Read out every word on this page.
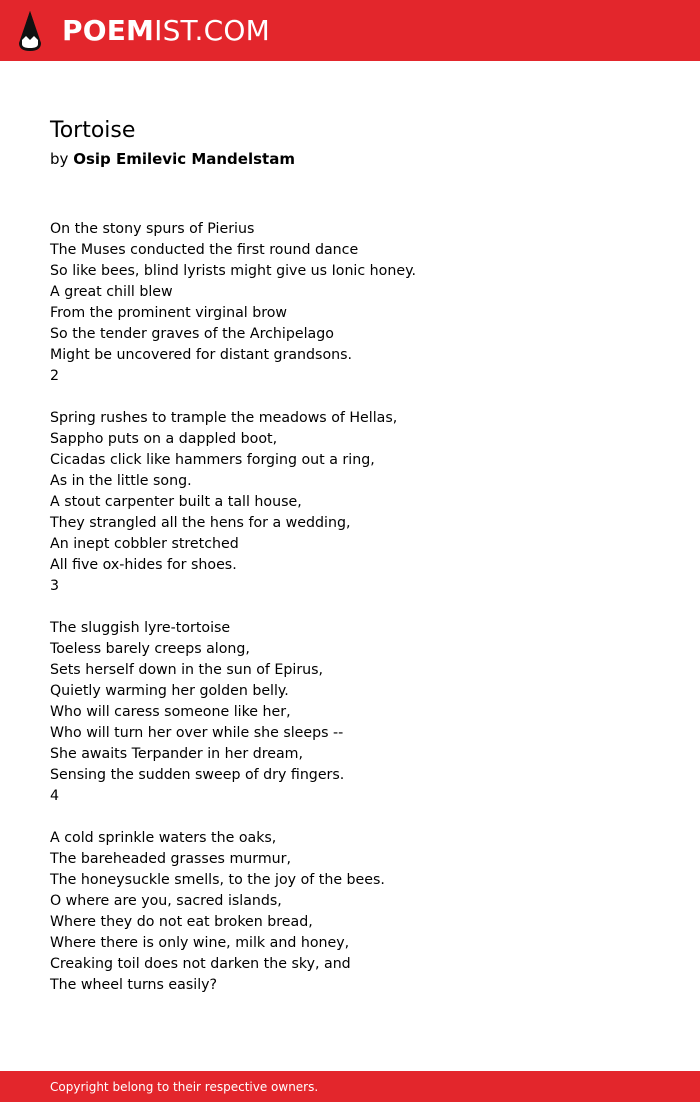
POEMIST.COM
Tortoise
by Osip Emilevic Mandelstam
On the stony spurs of Pierius
The Muses conducted the first round dance
So like bees, blind lyrists might give us Ionic honey.
A great chill blew
From the prominent virginal brow
So the tender graves of the Archipelago
Might be uncovered for distant grandsons.
2
Spring rushes to trample the meadows of Hellas,
Sappho puts on a dappled boot,
Cicadas click like hammers forging out a ring,
As in the little song.
A stout carpenter built a tall house,
They strangled all the hens for a wedding,
An inept cobbler stretched
All five ox-hides for shoes.
3
The sluggish lyre-tortoise
Toeless barely creeps along,
Sets herself down in the sun of Epirus,
Quietly warming her golden belly.
Who will caress someone like her,
Who will turn her over while she sleeps --
She awaits Terpander in her dream,
Sensing the sudden sweep of dry fingers.
4
A cold sprinkle waters the oaks,
The bareheaded grasses murmur,
The honeysuckle smells, to the joy of the bees.
O where are you, sacred islands,
Where they do not eat broken bread,
Where there is only wine, milk and honey,
Creaking toil does not darken the sky, and
The wheel turns easily?
Copyright belong to their respective owners.
